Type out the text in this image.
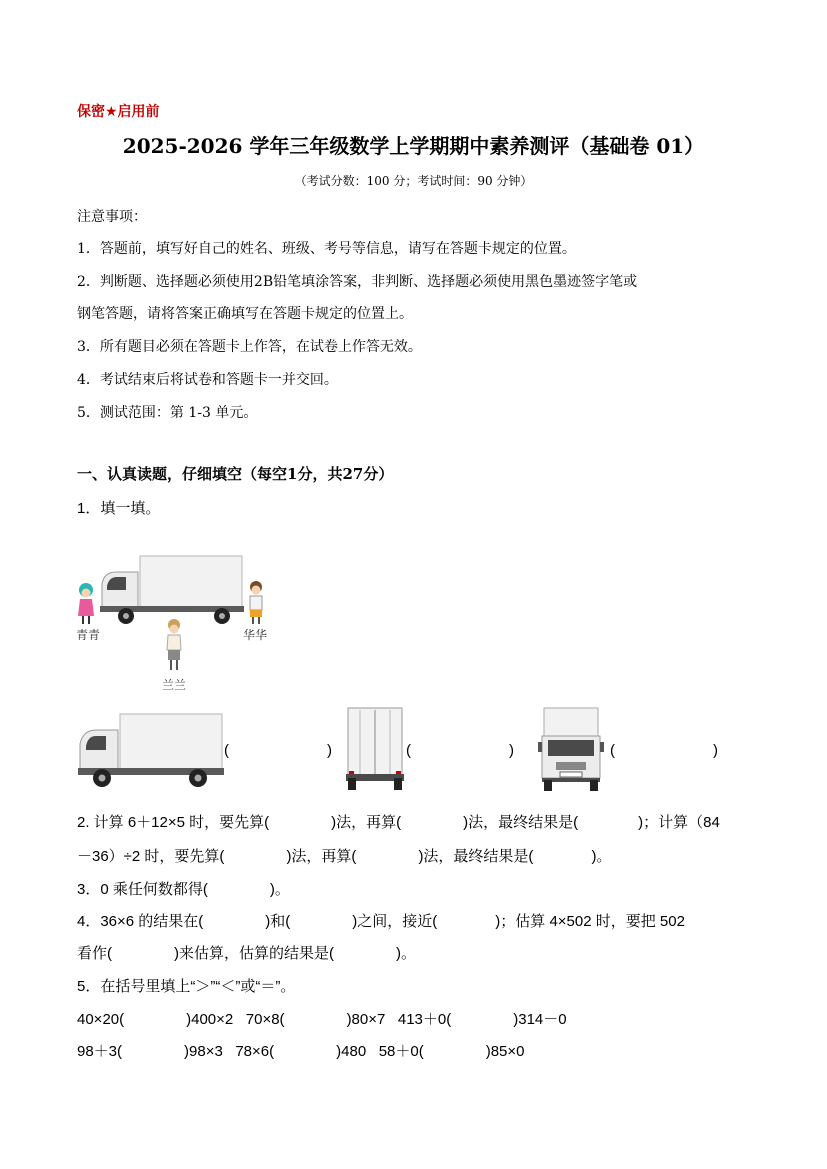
保密★启用前
2025-2026 学年三年级数学上学期期中素养测评（基础卷 01）
（考试分数：100 分；考试时间：90 分钟）
注意事项：
1．答题前，填写好自己的姓名、班级、考号等信息，请写在答题卡规定的位置。
2．判断题、选择题必须使用2B铅笔填涂答案，非判断、选择题必须使用黑色墨迹签字笔或
钢笔答题，请将答案正确填写在答题卡规定的位置上。
3．所有题目必须在答题卡上作答，在试卷上作答无效。
4．考试结束后将试卷和答题卡一并交回。
5．测试范围：第 1-3 单元。
一、认真读题，仔细填空（每空1分，共27分）
1．填一填。
青青	华华
兰兰
(	)	(	)	(	)
2. 计算 6＋12×5 时，要先算(	)法，再算(	)法，最终结果是(	)；计算（84
－36）÷2 时，要先算(	)法，再算(	)法，最终结果是(	)。
3．0 乘任何数都得(	)。
4．36×6 的结果在(	)和(	)之间，接近(	)；估算 4×502 时，要把 502
看作(	)来估算，估算的结果是(	)。
5．在括号里填上“＞”“＜”或“＝”。
40×20(	)400×2 70×8(	)80×7 413＋0(	)314－0
98＋3(	)98×3 78×6(	)480 58＋0(	)85×0
